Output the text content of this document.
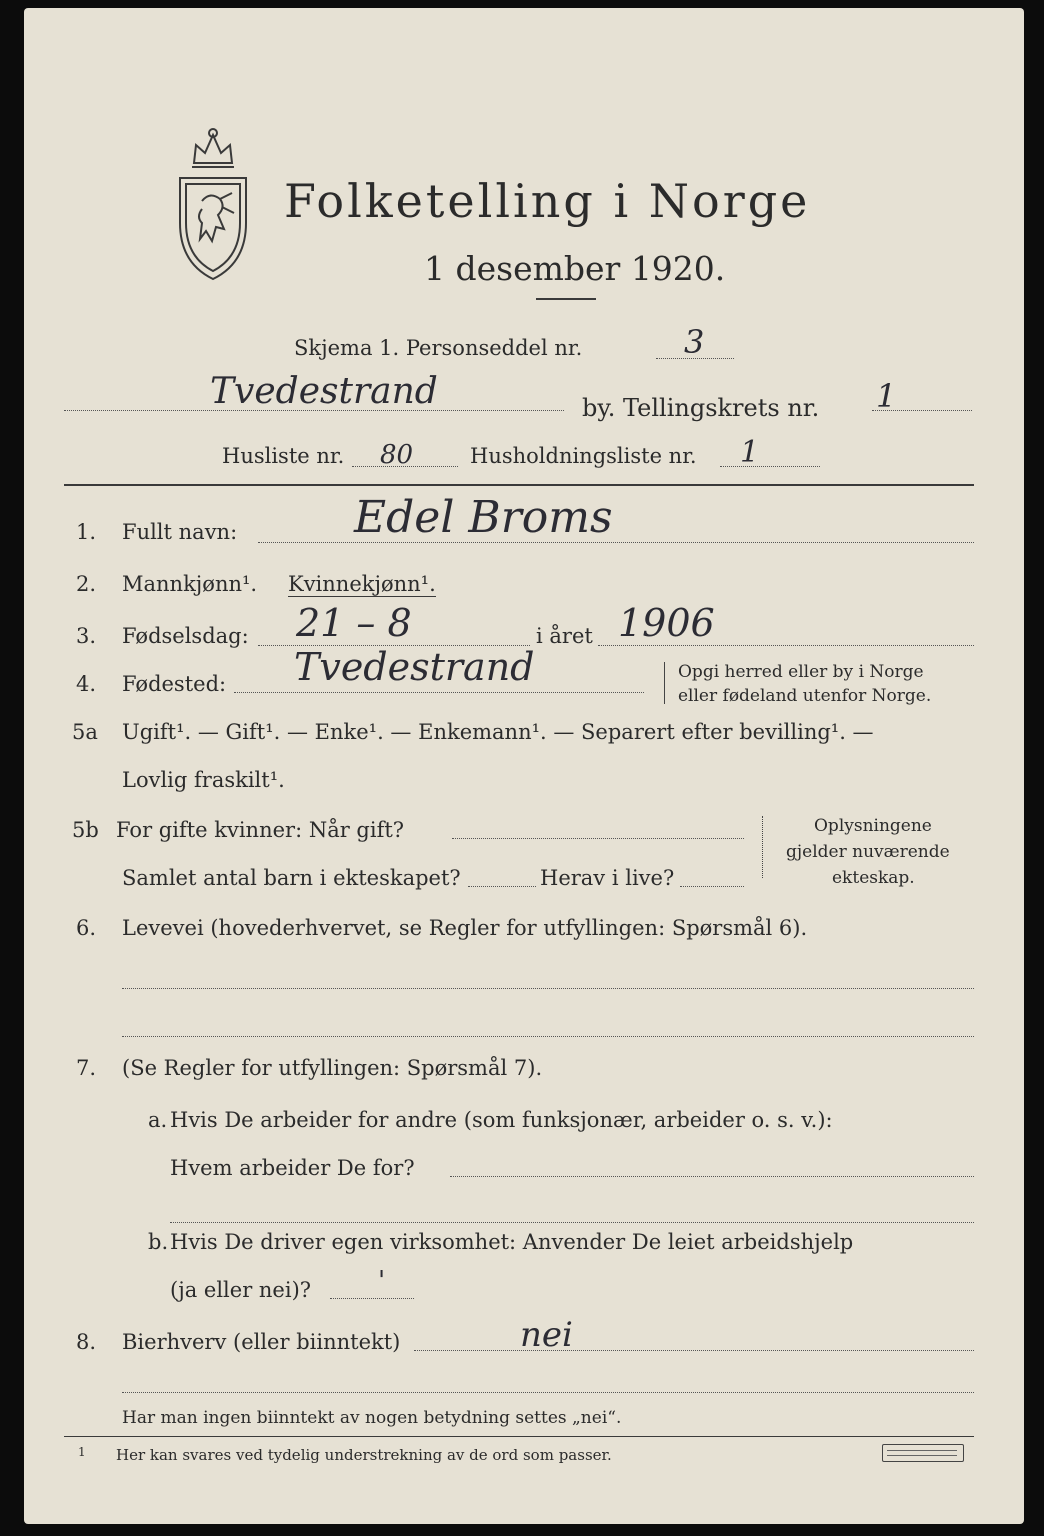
Folketelling i Norge
1 desember 1920.
Skjema 1. Personseddel nr.	3
Tvedestrand	by. Tellingskrets nr. 1
Husliste nr. 80	Husholdningsliste nr. 1
1. Fullt navn:	Edel Broms
2. Mannkjønn¹. Kvinnekjønn¹.
3. Fødselsdag: 21 – 8	i året 1906
4. Fødested: Tvedestrand	Opgi herred eller by i Norge
eller fødeland utenfor Norge.
5a Ugift¹. — Gift¹. — Enke¹. — Enkemann¹. — Separert efter bevilling¹. —
Lovlig fraskilt¹.
5b For gifte kvinner: Når gift?
Samlet antal barn i ekteskapet?	Herav i live?
Oplysningene
gjelder nuværende
ekteskap.
6. Levevei (hovederhvervet, se Regler for utfyllingen: Spørsmål 6).
7. (Se Regler for utfyllingen: Spørsmål 7).
a. Hvis De arbeider for andre (som funksjonær, arbeider o. s. v.):
Hvem arbeider De for?
b. Hvis De driver egen virksomhet: Anvender De leiet arbeidshjelp
(ja eller nei)?	'
8. Bierhverv (eller biinntekt)	nei
Har man ingen biinntekt av nogen betydning settes „nei“.
1 Her kan svares ved tydelig understrekning av de ord som passer.
